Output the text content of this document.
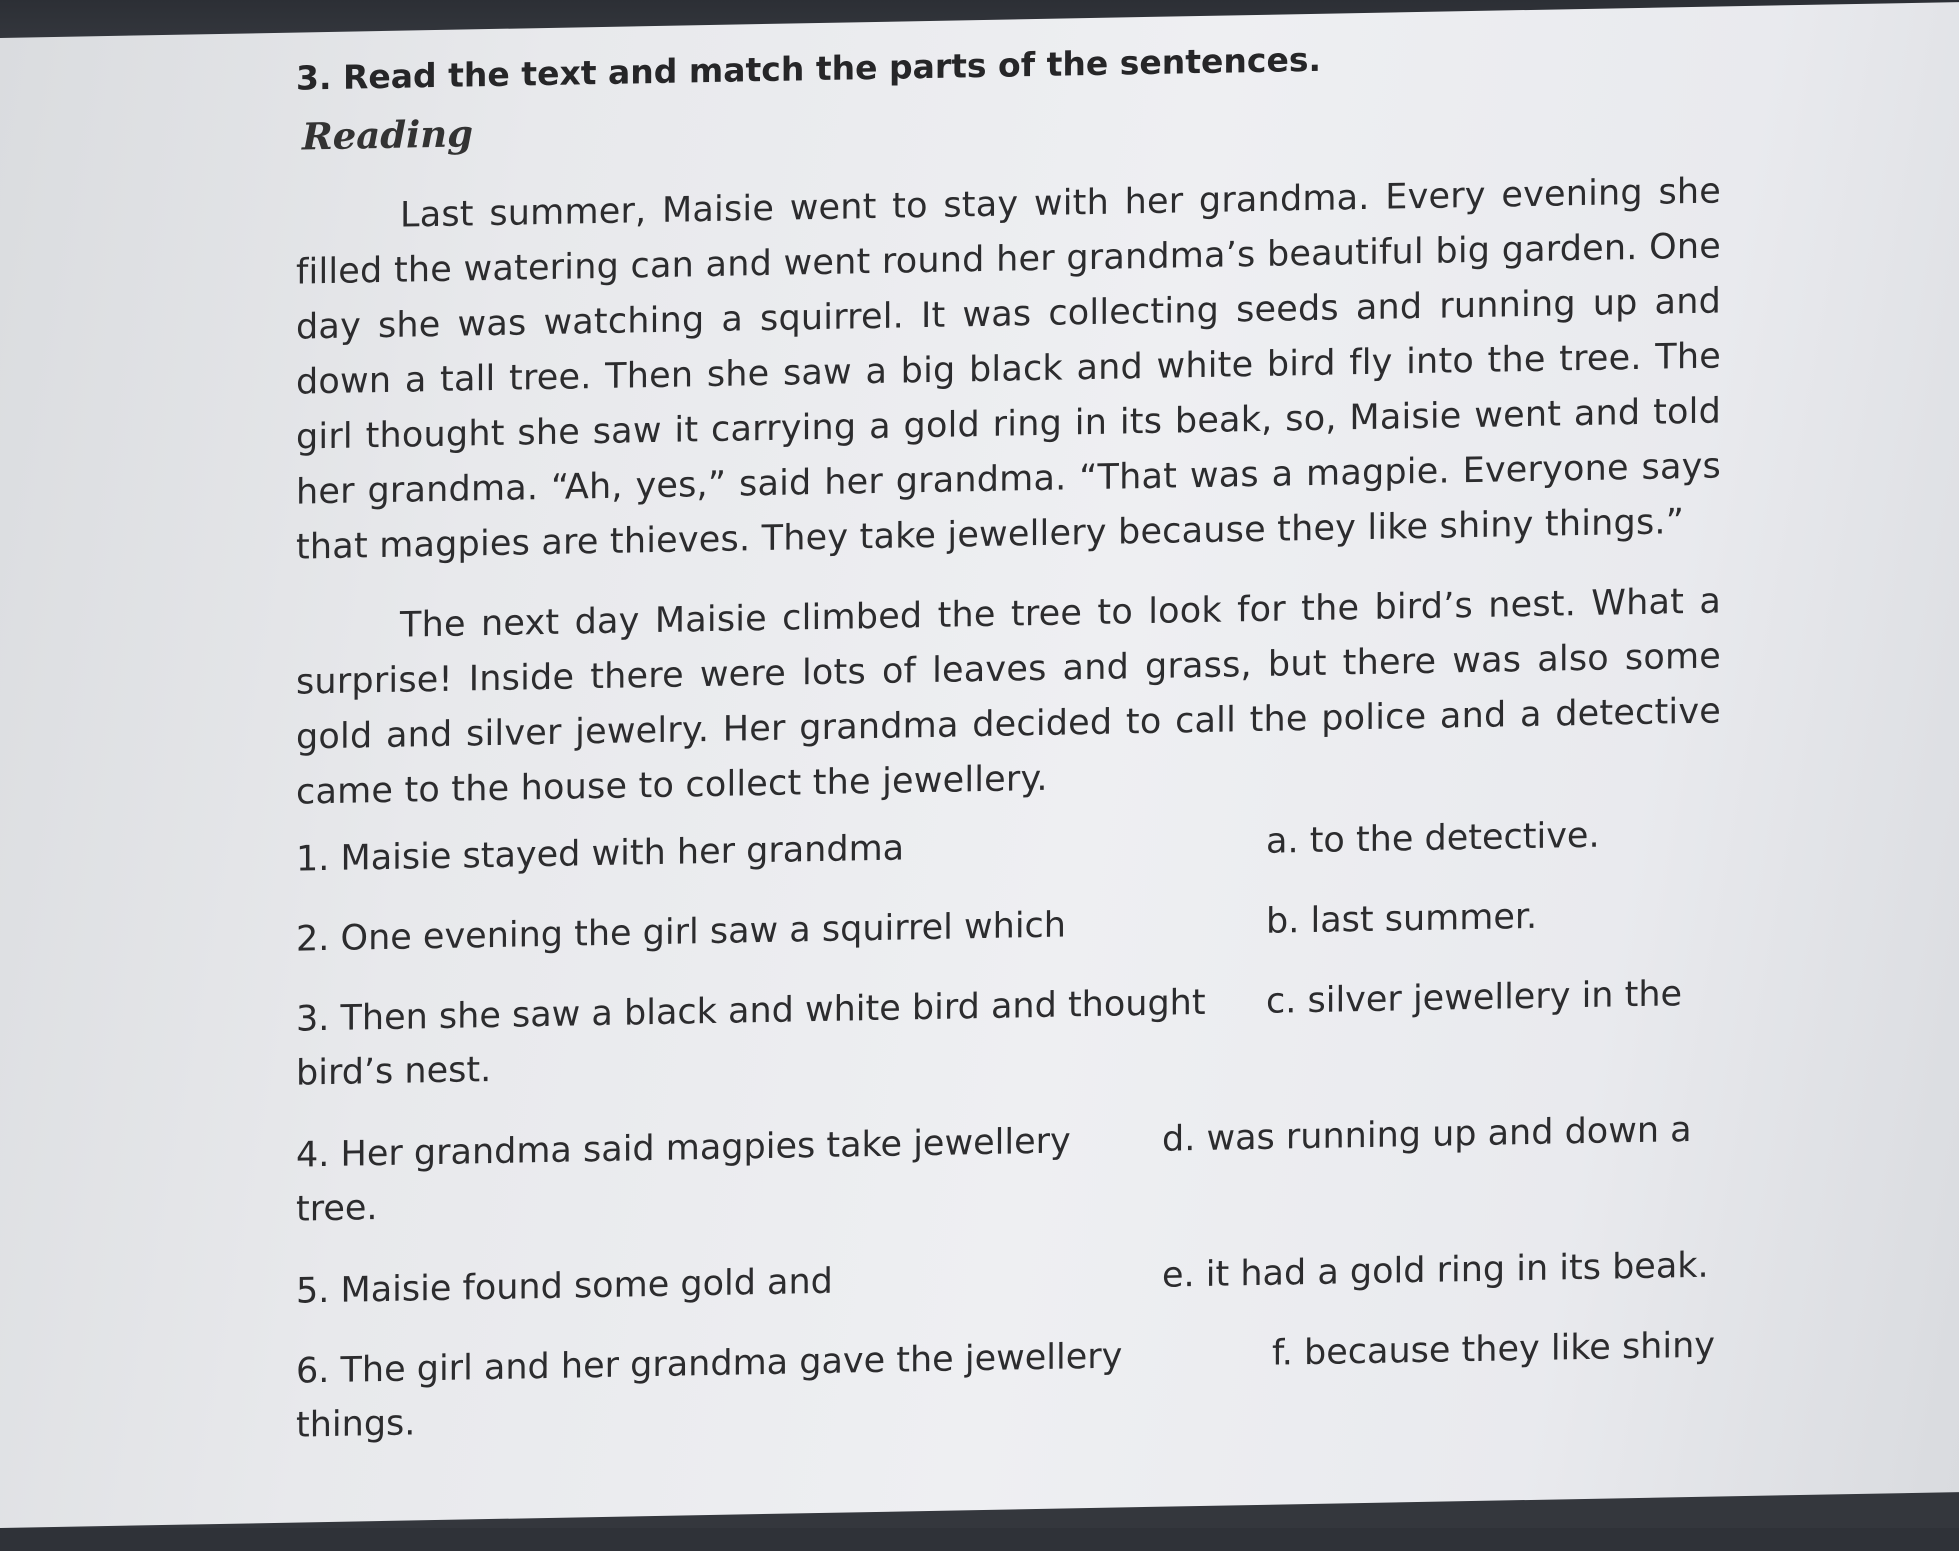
3. Read the text and match the parts of the sentences.
Reading

Last summer, Maisie went to stay with her grandma. Every evening she filled the watering can and went round her grandma’s beautiful big garden. One day she was watching a squirrel. It was collecting seeds and running up and down a tall tree. Then she saw a big black and white bird fly into the tree. The girl thought she saw it carrying a gold ring in its beak, so, Maisie went and told her grandma. “Ah, yes,” said her grandma. “That was a magpie. Everyone says that magpies are thieves. They take jewellery because they like shiny things.”

The next day Maisie climbed the tree to look for the bird’s nest. What a surprise! Inside there were lots of leaves and grass, but there was also some gold and silver jewelry. Her grandma decided to call the police and a detective came to the house to collect the jewellery.

1. Maisie stayed with her grandma
2. One evening the girl saw a squirrel which
3. Then she saw a black and white bird and thought
bird’s nest.
4. Her grandma said magpies take jewellery
tree.
5. Maisie found some gold and
6. The girl and her grandma gave the jewellery
things.
a. to the detective.
b. last summer.
c. silver jewellery in the
d. was running up and down a
e. it had a gold ring in its beak.
f. because they like shiny
